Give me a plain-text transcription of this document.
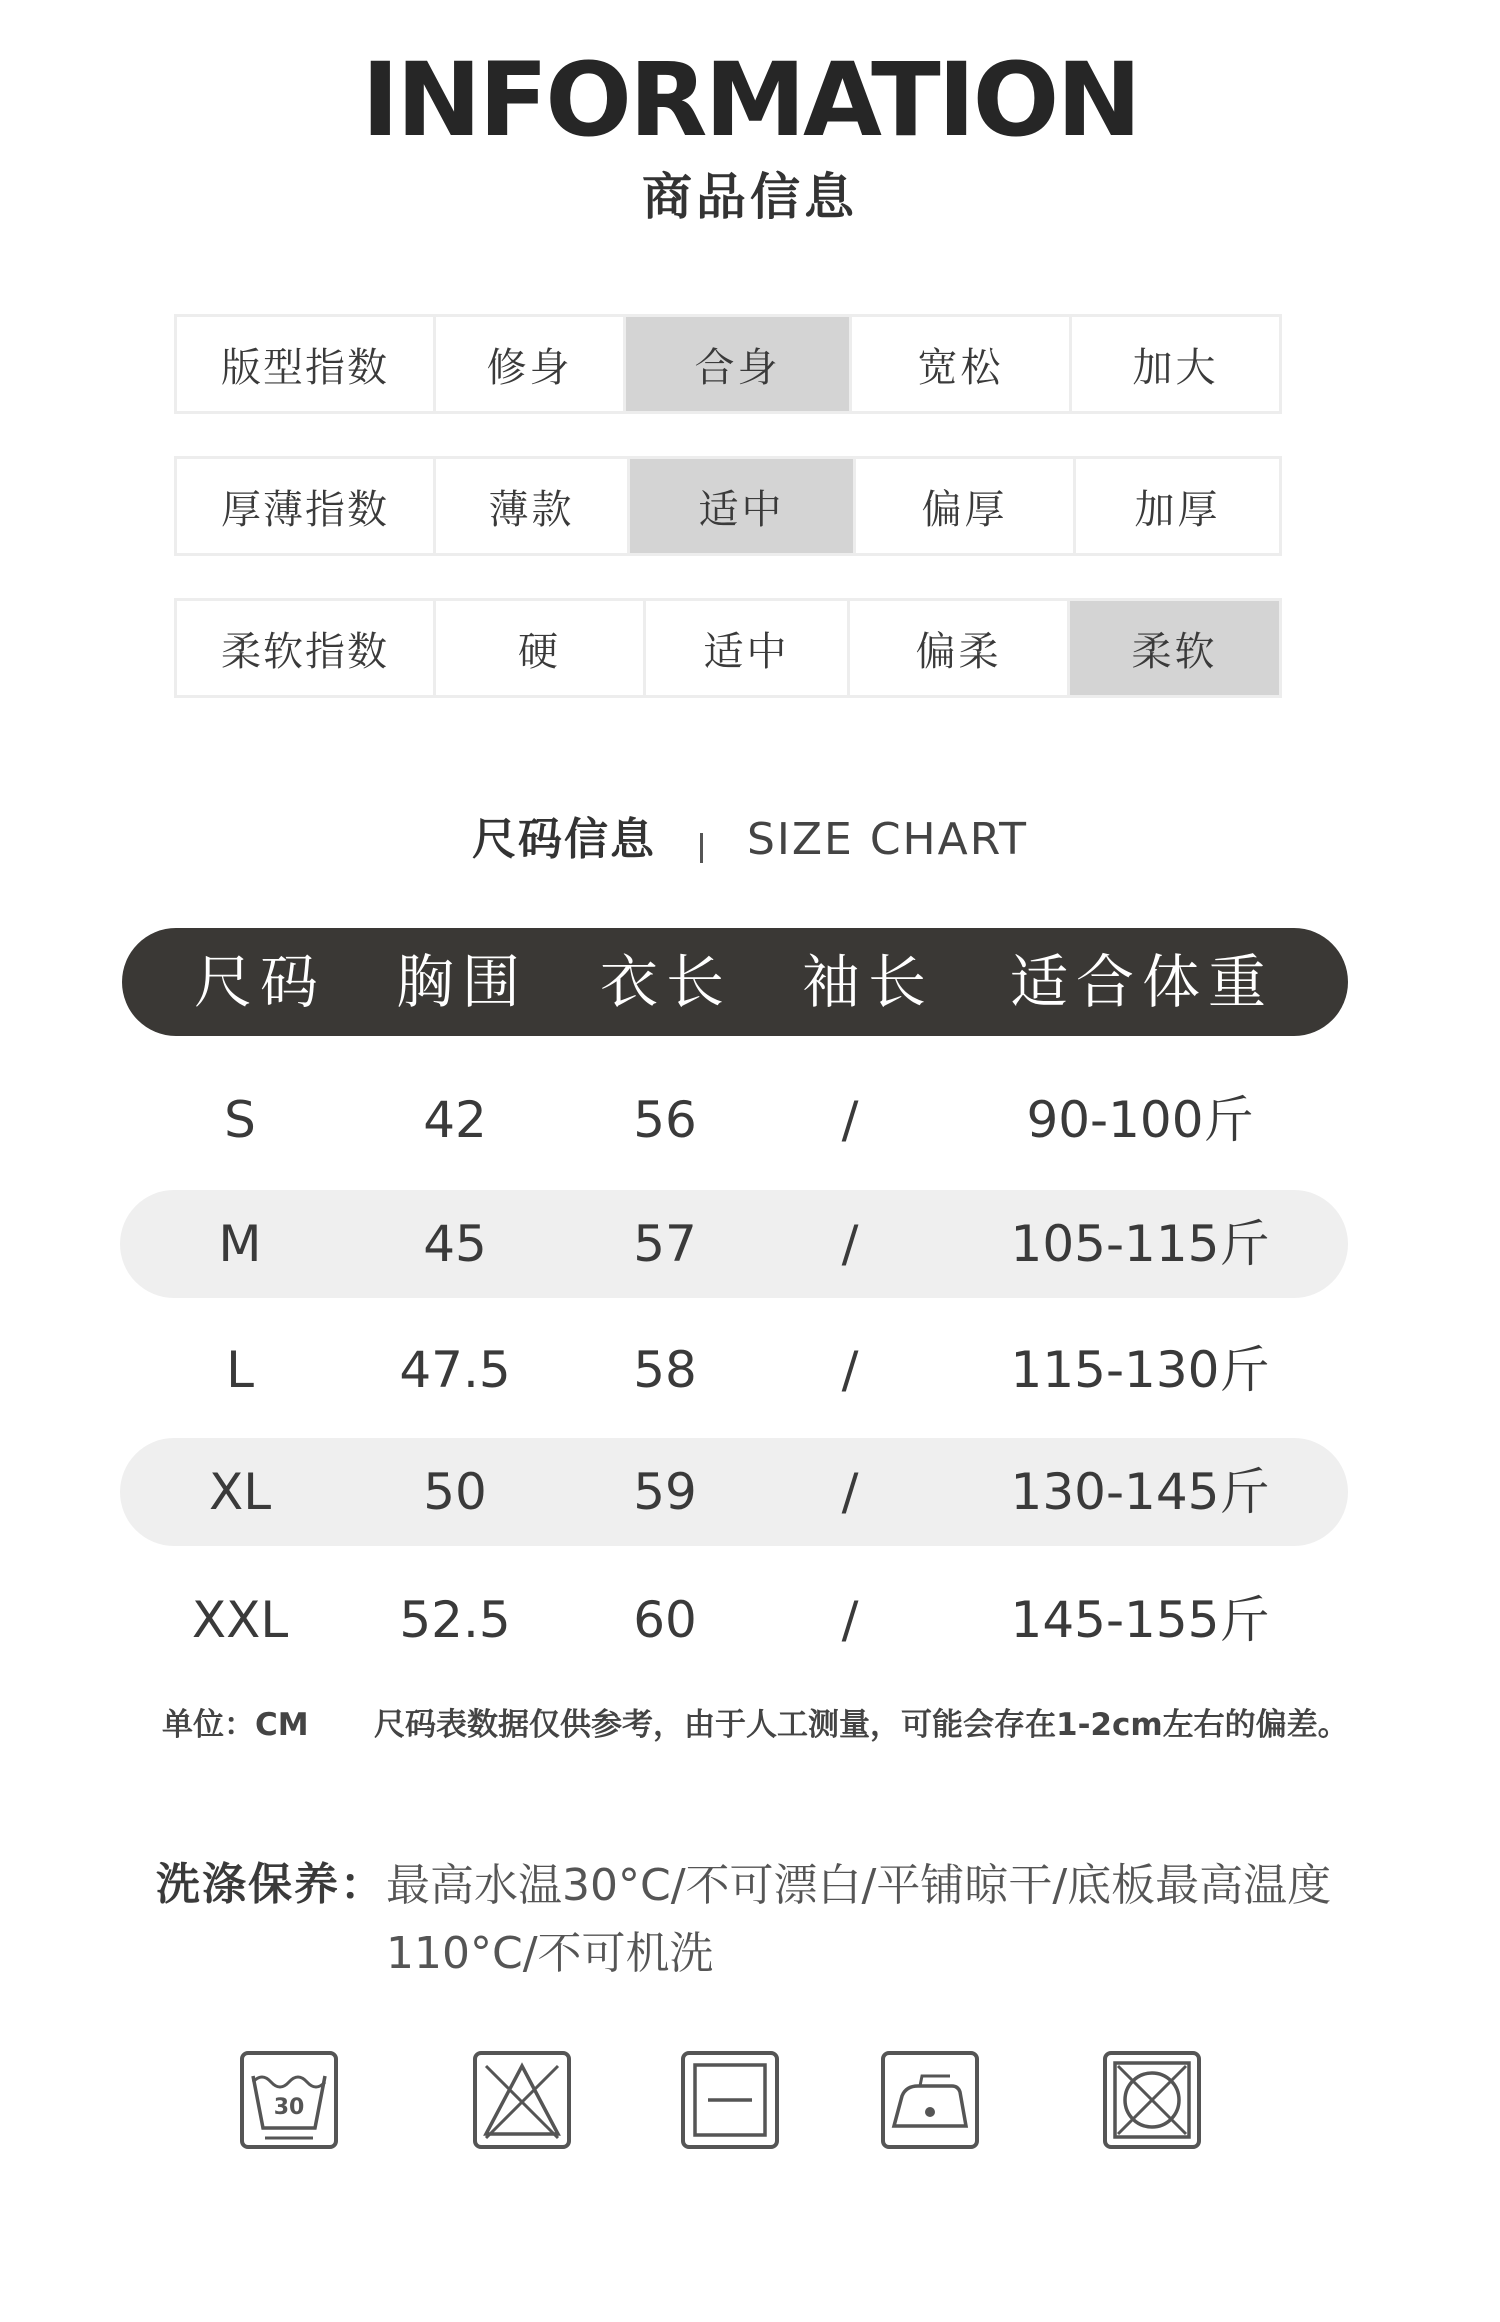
INFORMATION
商品信息
版型指数	修身	合身	宽松	加大
厚薄指数	薄款	适中	偏厚	加厚
柔软指数	硬	适中	偏柔	柔软
尺码信息 SIZE CHART
尺码	胸围	衣长	袖长	适合体重
S	42	56	/	90-100斤
M	45	57	/	105-115斤
L	47.5	58	/	115-130斤
XL	50	59	/	130-145斤
XXL	52.5	60	/	145-155斤
单位：CM 尺码表数据仅供参考，由于人工测量，可能会存在1-2cm左右的偏差。
洗涤保养： 最高水温30°C/不可漂白/平铺晾干/底板最高温度110°C/不可机洗
30
